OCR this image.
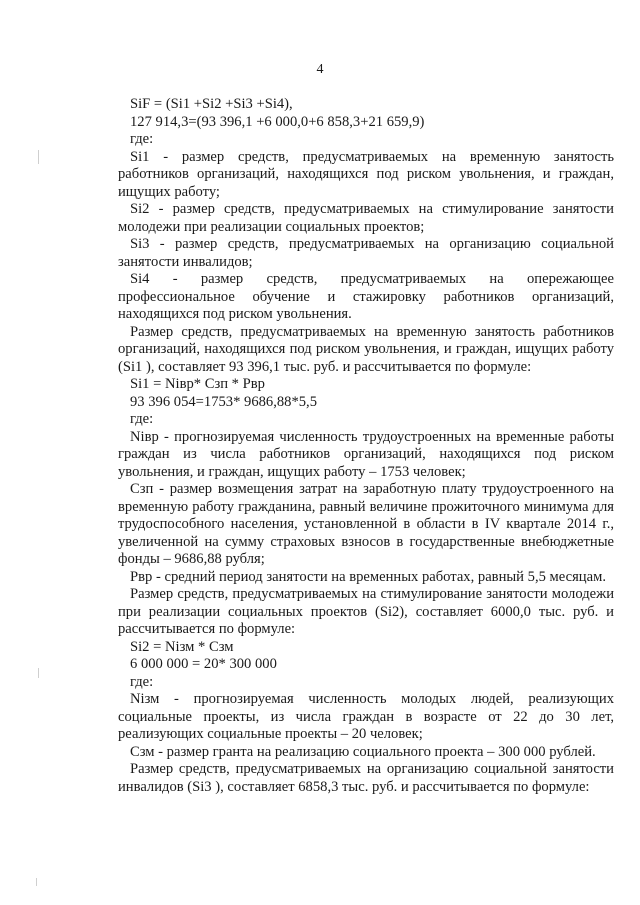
4

SiF = (Si1 +Si2 +Si3 +Si4),

127 914,3=(93 396,1 +6 000,0+6 858,3+21 659,9)

где:

Si1 - размер средств, предусматриваемых на временную занятость работников организаций, находящихся под риском увольнения, и граждан, ищущих работу;

Si2 - размер средств, предусматриваемых на стимулирование занятости молодежи при реализации социальных проектов;

Si3 - размер средств, предусматриваемых на организацию социальной занятости инвалидов;

Si4 - размер средств, предусматриваемых на опережающее профессиональное обучение и стажировку работников организаций, находящихся под риском увольнения.

Размер средств, предусматриваемых на временную занятость работников организаций, находящихся под риском увольнения, и граждан, ищущих работу (Si1 ), составляет 93 396,1 тыс. руб. и рассчитывается по формуле:

Si1 = Nівр* Сзп * Рвр

93 396 054=1753* 9686,88*5,5

где:

Nівр - прогнозируемая численность трудоустроенных на временные работы граждан из числа работников организаций, находящихся под риском увольнения, и граждан, ищущих работу – 1753 человек;

Сзп - размер возмещения затрат на заработную плату трудоустроенного на временную работу гражданина, равный величине прожиточного минимума для трудоспособного населения, установленной в области в IV квартале 2014 г., увеличенной на сумму страховых взносов в государственные внебюджетные фонды – 9686,88 рубля;

Рвр - средний период занятости на временных работах, равный 5,5 месяцам.

Размер средств, предусматриваемых на стимулирование занятости молодежи при реализации социальных проектов (Si2), составляет 6000,0 тыс. руб. и рассчитывается по формуле:

Si2 = Nізм * Сзм

6 000 000 = 20* 300 000

где:

Nізм - прогнозируемая численность молодых людей, реализующих социальные проекты, из числа граждан в возрасте от 22 до 30 лет, реализующих социальные проекты – 20 человек;

Сзм - размер гранта на реализацию социального проекта – 300 000 рублей.

Размер средств, предусматриваемых на организацию социальной занятости инвалидов (Si3 ), составляет 6858,3 тыс. руб. и рассчитывается по формуле:
